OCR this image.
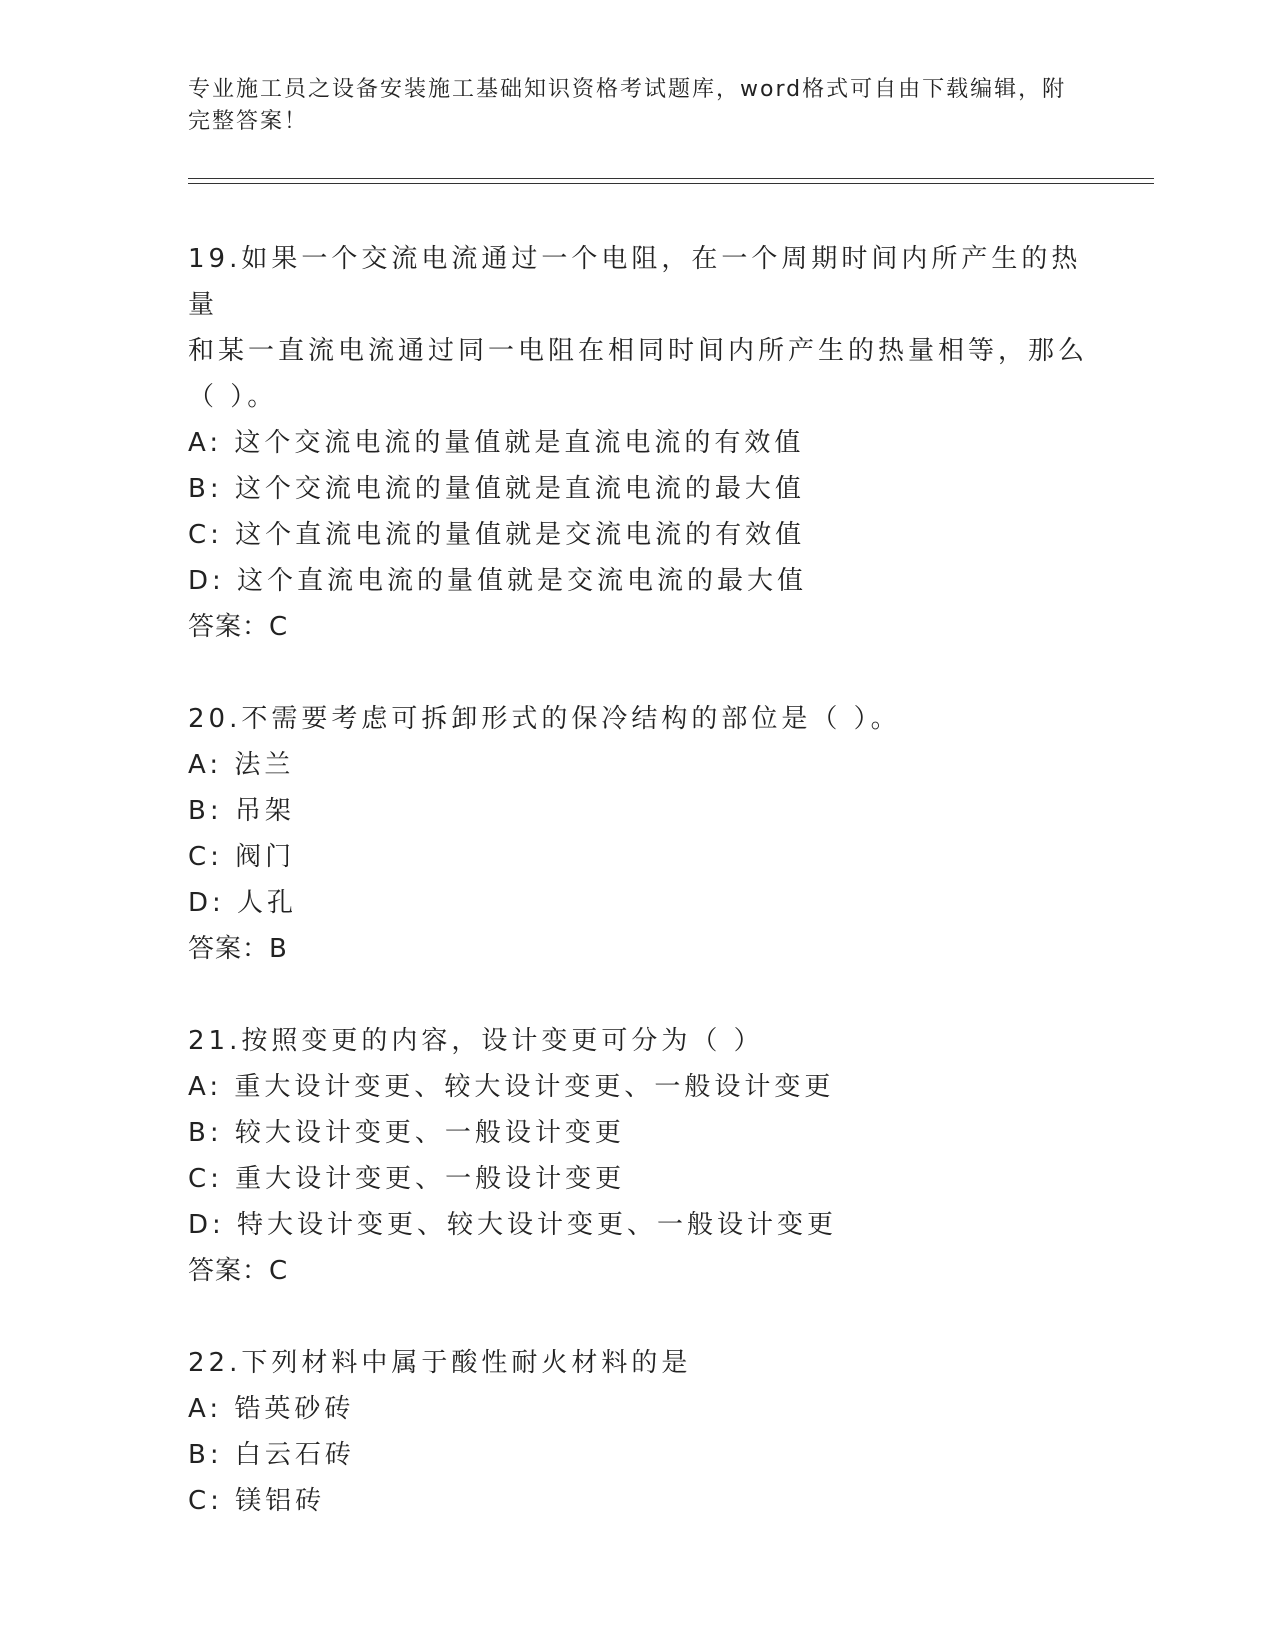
专业施工员之设备安装施工基础知识资格考试题库，word格式可自由下载编辑，附完整答案！
19.如果一个交流电流通过一个电阻，在一个周期时间内所产生的热量
和某一直流电流通过同一电阻在相同时间内所产生的热量相等，那么
（ ）。
A: 这个交流电流的量值就是直流电流的有效值
B: 这个交流电流的量值就是直流电流的最大值
C: 这个直流电流的量值就是交流电流的有效值
D: 这个直流电流的量值就是交流电流的最大值
答案：C
20.不需要考虑可拆卸形式的保冷结构的部位是（ ）。
A: 法兰
B: 吊架
C: 阀门
D: 人孔
答案：B
21.按照变更的内容，设计变更可分为（ ）
A: 重大设计变更、较大设计变更、一般设计变更
B: 较大设计变更、一般设计变更
C: 重大设计变更、一般设计变更
D: 特大设计变更、较大设计变更、一般设计变更
答案：C
22.下列材料中属于酸性耐火材料的是
A: 锆英砂砖
B: 白云石砖
C: 镁铝砖
